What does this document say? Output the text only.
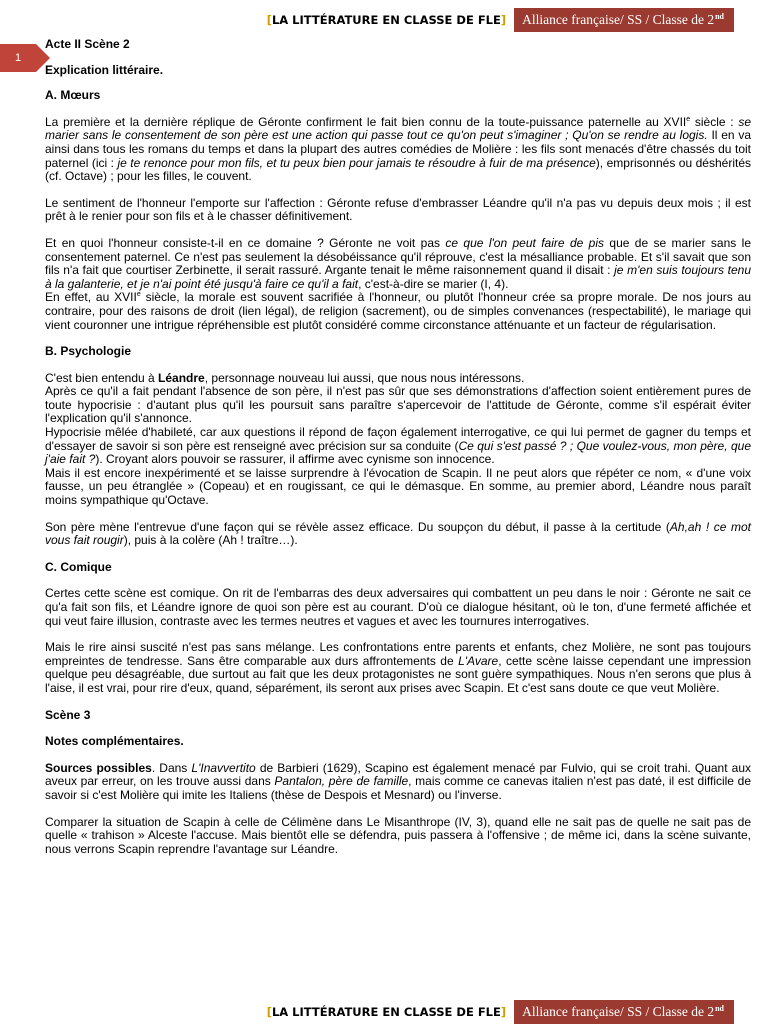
[ LA LITTÉRATURE EN CLASSE DE FLE ] Alliance française/ SS / Classe de 2nd
1

Acte II Scène 2

Explication littéraire.

A. Mœurs

La première et la dernière réplique de Géronte confirment le fait bien connu de la toute-puissance paternelle au XVIIe siècle : se marier sans le consentement de son père est une action qui passe tout ce qu'on peut s'imaginer ; Qu'on se rendre au logis. Il en va ainsi dans tous les romans du temps et dans la plupart des autres comédies de Molière : les fils sont menacés d'être chassés du toit paternel (ici : je te renonce pour mon fils, et tu peux bien pour jamais te résoudre à fuir de ma présence), emprisonnés ou déshérités (cf. Octave) ; pour les filles, le couvent.

Le sentiment de l'honneur l'emporte sur l'affection : Géronte refuse d'embrasser Léandre qu'il n'a pas vu depuis deux mois ; il est prêt à le renier pour son fils et à le chasser définitivement.

Et en quoi l'honneur consiste-t-il en ce domaine ? Géronte ne voit pas ce que l'on peut faire de pis que de se marier sans le consentement paternel. Ce n'est pas seulement la désobéissance qu'il réprouve, c'est la mésalliance probable. Et s'il savait que son fils n'a fait que courtiser Zerbinette, il serait rassuré. Argante tenait le même raisonnement quand il disait : je m'en suis toujours tenu à la galanterie, et je n'ai point été jusqu'à faire ce qu'il a fait, c'est-à-dire se marier (I, 4).

En effet, au XVIIe siècle, la morale est souvent sacrifiée à l'honneur, ou plutôt l'honneur crée sa propre morale. De nos jours au contraire, pour des raisons de droit (lien légal), de religion (sacrement), ou de simples convenances (respectabilité), le mariage qui vient couronner une intrigue répréhensible est plutôt considéré comme circonstance atténuante et un facteur de régularisation.

B. Psychologie

C'est bien entendu à Léandre, personnage nouveau lui aussi, que nous nous intéressons.

Après ce qu'il a fait pendant l'absence de son père, il n'est pas sûr que ses démonstrations d'affection soient entièrement pures de toute hypocrisie : d'autant plus qu'il les poursuit sans paraître s'apercevoir de l'attitude de Géronte, comme s'il espérait éviter l'explication qu'il s'annonce.

Hypocrisie mêlée d'habileté, car aux questions il répond de façon également interrogative, ce qui lui permet de gagner du temps et d'essayer de savoir si son père est renseigné avec précision sur sa conduite (Ce qui s'est passé ? ; Que voulez-vous, mon père, que j'aie fait ?). Croyant alors pouvoir se rassurer, il affirme avec cynisme son innocence.

Mais il est encore inexpérimenté et se laisse surprendre à l'évocation de Scapin. Il ne peut alors que répéter ce nom, « d'une voix fausse, un peu étranglée » (Copeau) et en rougissant, ce qui le démasque. En somme, au premier abord, Léandre nous paraît moins sympathique qu'Octave.

Son père mène l'entrevue d'une façon qui se révèle assez efficace. Du soupçon du début, il passe à la certitude (Ah,ah ! ce mot vous fait rougir), puis à la colère (Ah ! traître…).

C. Comique

Certes cette scène est comique. On rit de l'embarras des deux adversaires qui combattent un peu dans le noir : Géronte ne sait ce qu'a fait son fils, et Léandre ignore de quoi son père est au courant. D'où ce dialogue hésitant, où le ton, d'une fermeté affichée et qui veut faire illusion, contraste avec les termes neutres et vagues et avec les tournures interrogatives.

Mais le rire ainsi suscité n'est pas sans mélange. Les confrontations entre parents et enfants, chez Molière, ne sont pas toujours empreintes de tendresse. Sans être comparable aux durs affrontements de L'Avare, cette scène laisse cependant une impression quelque peu désagréable, due surtout au fait que les deux protagonistes ne sont guère sympathiques. Nous n'en serons que plus à l'aise, il est vrai, pour rire d'eux, quand, séparément, ils seront aux prises avec Scapin. Et c'est sans doute ce que veut Molière.

Scène 3

Notes complémentaires.

Sources possibles. Dans L'Inavvertito de Barbieri (1629), Scapino est également menacé par Fulvio, qui se croit trahi. Quant aux aveux par erreur, on les trouve aussi dans Pantalon, père de famille, mais comme ce canevas italien n'est pas daté, il est difficile de savoir si c'est Molière qui imite les Italiens (thèse de Despois et Mesnard) ou l'inverse.

Comparer la situation de Scapin à celle de Célimène dans Le Misanthrope (IV, 3), quand elle ne sait pas de quelle ne sait pas de quelle « trahison » Alceste l'accuse. Mais bientôt elle se défendra, puis passera à l'offensive ; de même ici, dans la scène suivante, nous verrons Scapin reprendre l'avantage sur Léandre.

[ LA LITTÉRATURE EN CLASSE DE FLE ] Alliance française/ SS / Classe de 2nd
